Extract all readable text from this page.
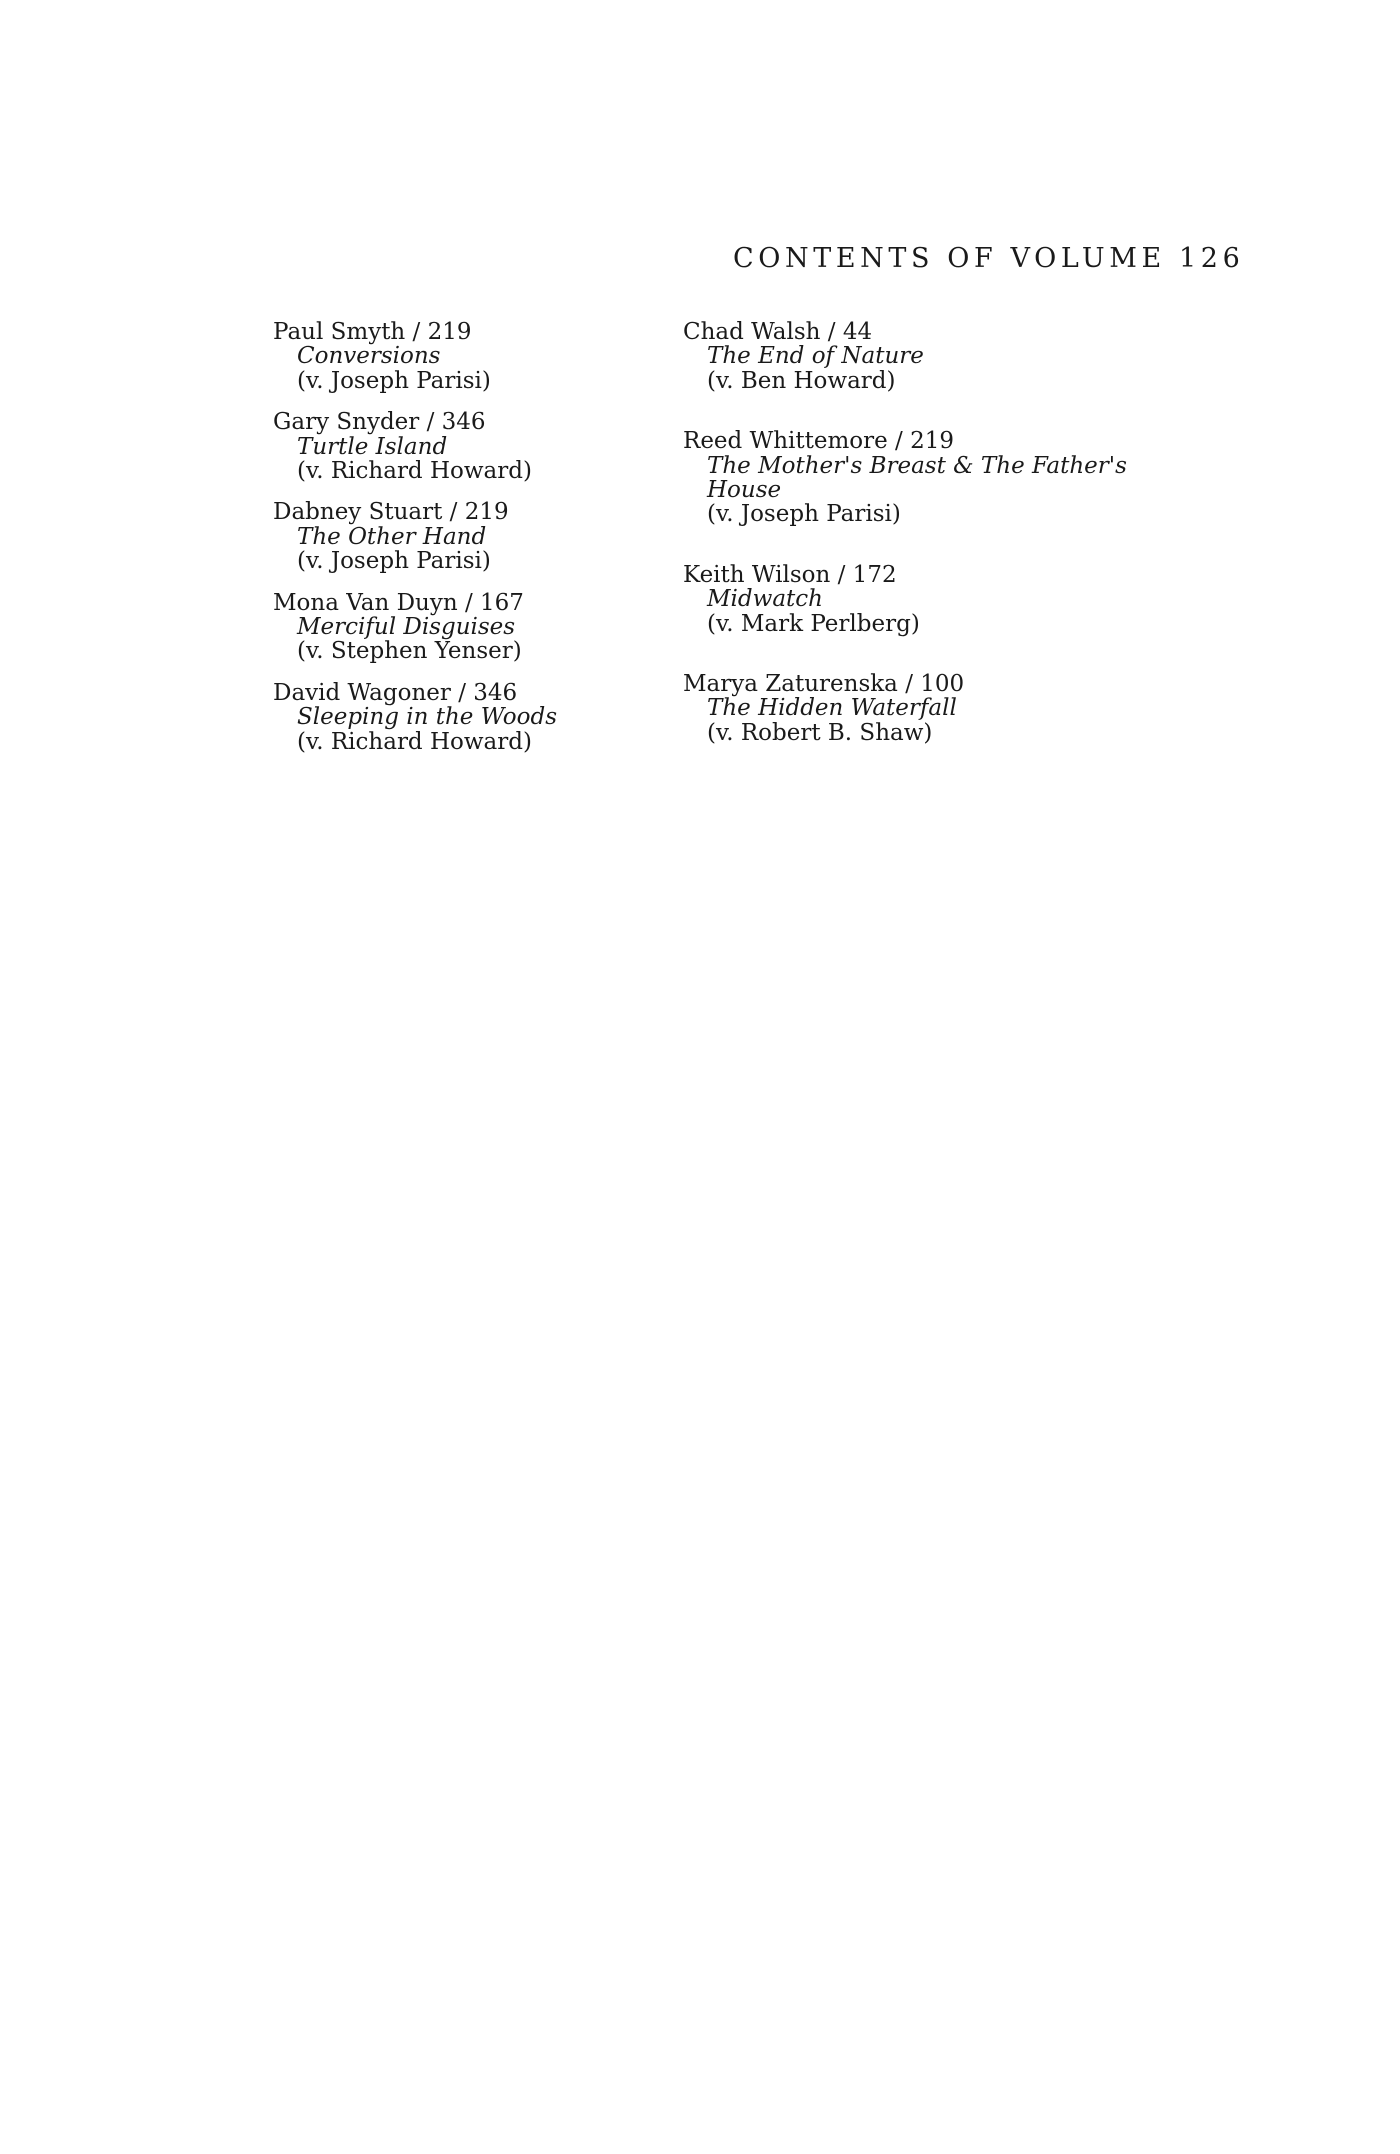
CONTENTS OF VOLUME 126
Paul Smyth / 219
Conversions
(v. Joseph Parisi)
Gary Snyder / 346
Turtle Island
(v. Richard Howard)
Dabney Stuart / 219
The Other Hand
(v. Joseph Parisi)
Mona Van Duyn / 167
Merciful Disguises
(v. Stephen Yenser)
David Wagoner / 346
Sleeping in the Woods
(v. Richard Howard)
Chad Walsh / 44
The End of Nature
(v. Ben Howard)
Reed Whittemore / 219
The Mother's Breast & The Father's House
(v. Joseph Parisi)
Keith Wilson / 172
Midwatch
(v. Mark Perlberg)
Marya Zaturenska / 100
The Hidden Waterfall
(v. Robert B. Shaw)
